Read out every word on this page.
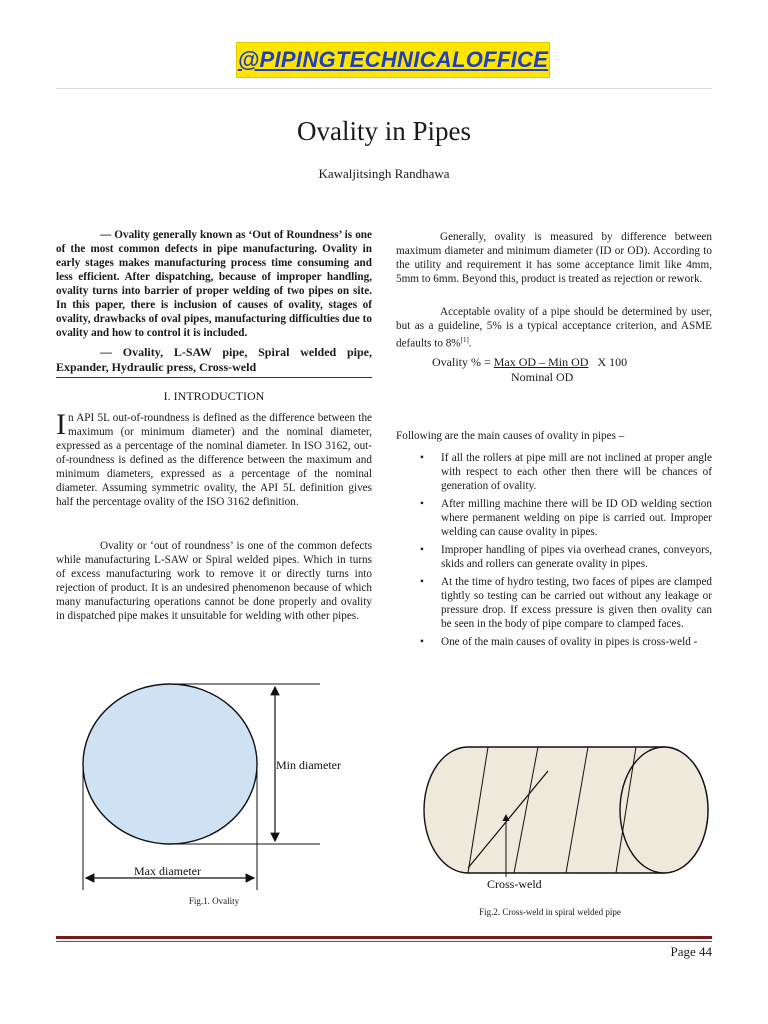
@PIPINGTECHNICALOFFICE
Ovality in Pipes
Kawaljitsingh Randhawa

— Ovality generally known as ‘Out of Roundness’ is one of the most common defects in pipe manufacturing. Ovality in early stages makes manufacturing process time consuming and less efficient. After dispatching, because of improper handling, ovality turns into barrier of proper welding of two pipes on site. In this paper, there is inclusion of causes of ovality, stages of ovality, drawbacks of oval pipes, manufacturing difficulties due to ovality and how to control it is included.

— Ovality, L-SAW pipe, Spiral welded pipe, Expander, Hydraulic press, Cross-weld

I. INTRODUCTION
In API 5L out-of-roundness is defined as the difference between the maximum (or minimum diameter) and the nominal diameter, expressed as a percentage of the nominal diameter. In ISO 3162, out-of-roundness is defined as the difference between the maximum and minimum diameters, expressed as a percentage of the nominal diameter. Assuming symmetric ovality, the API 5L definition gives half the percentage ovality of the ISO 3162 definition.

Ovality or ‘out of roundness’ is one of the common defects while manufacturing L-SAW or Spiral welded pipes. Which in turns of excess manufacturing work to remove it or directly turns into rejection of product. It is an undesired phenomenon because of which many manufacturing operations cannot be done properly and ovality in dispatched pipe makes it unsuitable for welding with other pipes.

Generally, ovality is measured by difference between maximum diameter and minimum diameter (ID or OD). According to the utility and requirement it has some acceptance limit like 4mm, 5mm to 6mm. Beyond this, product is treated as rejection or rework.

Acceptable ovality of a pipe should be determined by user, but as a guideline, 5% is a typical acceptance criterion, and ASME defaults to 8%[1].

Ovality % = Max OD – Min OD X 100
Nominal OD
Following are the main causes of ovality in pipes –
• If all the rollers at pipe mill are not inclined at proper angle with respect to each other then there will be chances of generation of ovality.
• After milling machine there will be ID OD welding section where permanent welding on pipe is carried out. Improper welding can cause ovality in pipes.
• Improper handling of pipes via overhead cranes, conveyors, skids and rollers can generate ovality in pipes.
• At the time of hydro testing, two faces of pipes are clamped tightly so testing can be carried out without any leakage or pressure drop. If excess pressure is given then ovality can be seen in the body of pipe compare to clamped faces.
• One of the main causes of ovality in pipes is cross-weld -
Min diameter
Max diameter
Fig.1. Ovality
Cross-weld
Fig.2. Cross-weld in spiral welded pipe
Page 44
